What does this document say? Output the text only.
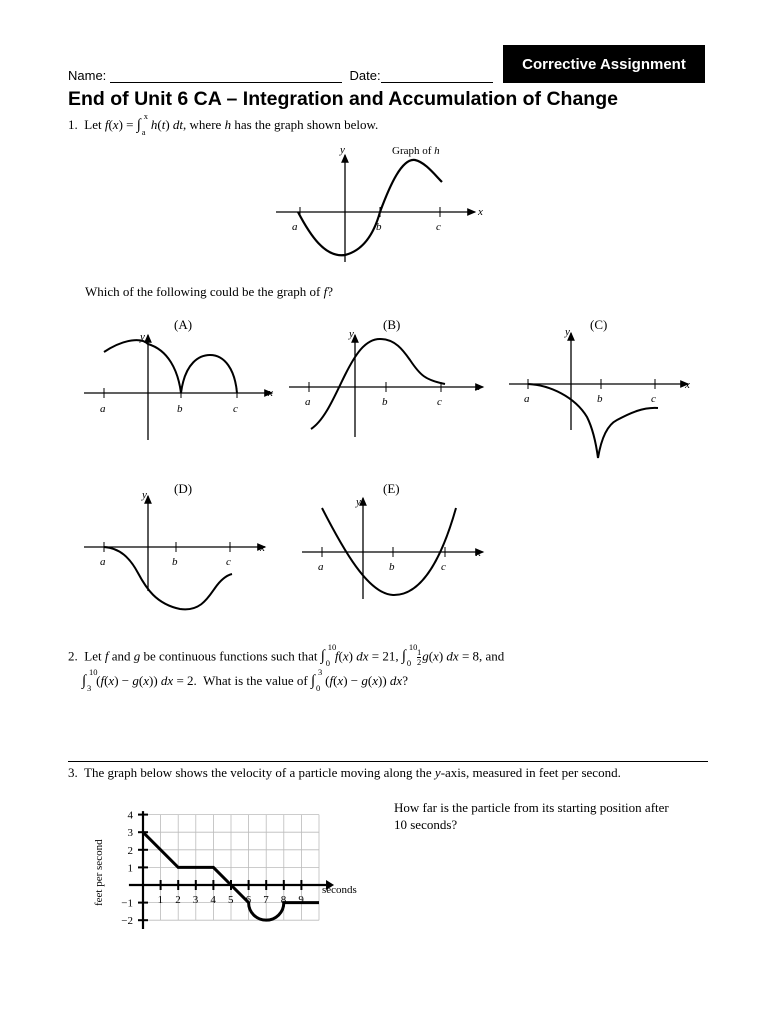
Corrective Assignment
Name:	Date:
End of Unit 6 CA – Integration and Accumulation of Change
1. Let f(x) = ∫
x
a h(t) dt, where h has the graph shown below.
y
x
a	b	c
Graph of h
Which of the following could be the graph of f?
(A)
y
x
a	b	c
(B)
y
x
a	b	c
(C)
y
x
a	b	c
(D)
y
x
a	b	c
(E)
y
x
a	b	c
2. Let f and g be continuous functions such that ∫
10
0 f(x) dx = 21, ∫
10
$0 \frac{1}{2} g(x)$ dx = 8, and
∫
10
3 (f(x) − g(x)) dx = 2. What is the value of ∫
3
0 (f(x) − g(x)) dx?
3. The graph below shows the velocity of a particle moving along the y-axis, measured in feet per second.
How far is the particle from its starting position after
10 seconds?
1 2 3 4 5 6 7 8 9
4
3
2
1
−1
−2
feet per second	seconds
